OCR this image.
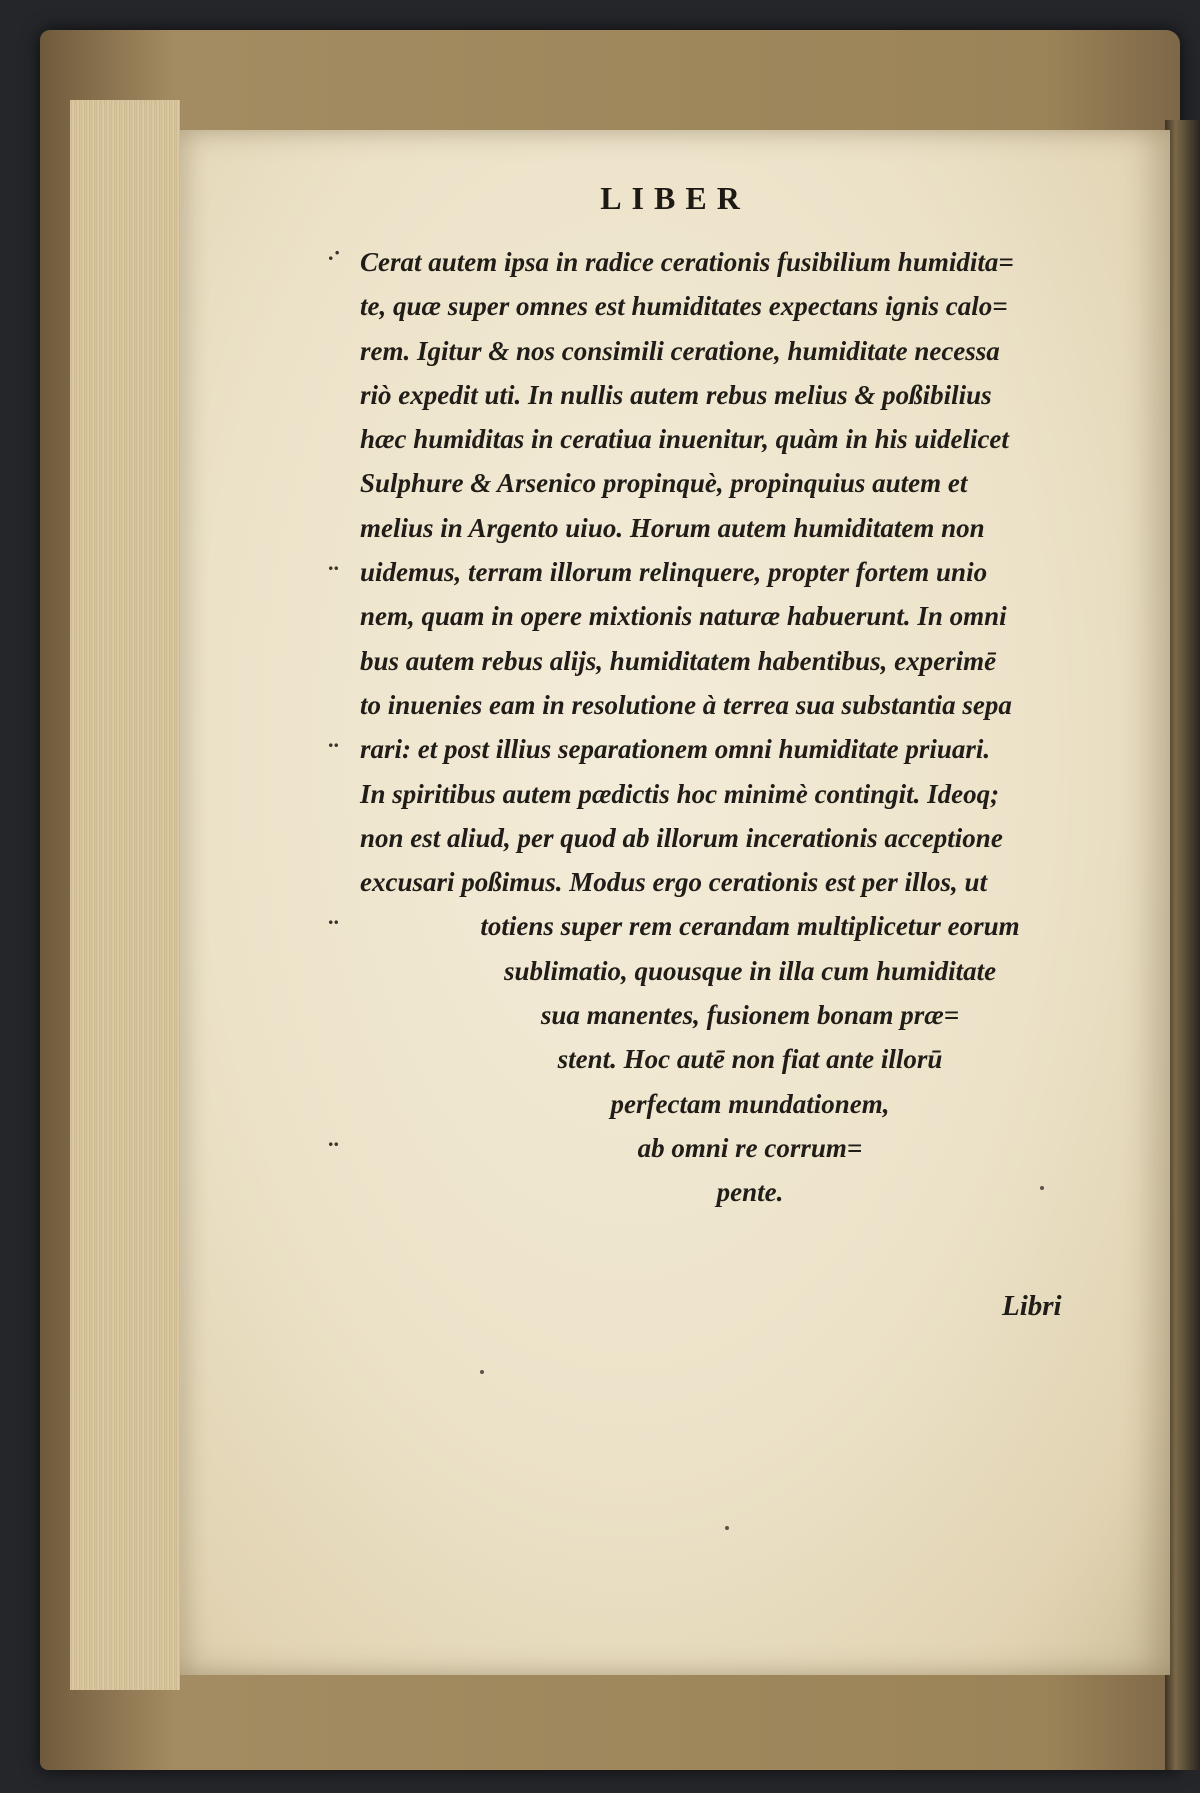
LIBER
.·
..
..
..
..
Cerat autem ipsa in radice cerationis fusibilium humidita=
te, quæ super omnes est humiditates expectans ignis calo=
rem. Igitur & nos consimili ceratione, humiditate necessa
riò expedit uti. In nullis autem rebus melius & poßibilius
hæc humiditas in ceratiua inuenitur, quàm in his uidelicet
Sulphure & Arsenico propinquè, propinquius autem et
melius in Argento uiuo. Horum autem humiditatem non
uidemus, terram illorum relinquere, propter fortem unio
nem, quam in opere mixtionis naturæ habuerunt. In omni
bus autem rebus alijs, humiditatem habentibus, experimē
to inuenies eam in resolutione à terrea sua substantia sepa
rari: et post illius separationem omni humiditate priuari.
In spiritibus autem pædictis hoc minimè contingit. Ideoq;
non est aliud, per quod ab illorum incerationis acceptione
excusari poßimus. Modus ergo cerationis est per illos, ut
totiens super rem cerandam multiplicetur eorum
sublimatio, quousque in illa cum humiditate
sua manentes, fusionem bonam præ=
stent. Hoc autē non fiat ante illorū
perfectam mundationem,
ab omni re corrum=
pente.
Libri
